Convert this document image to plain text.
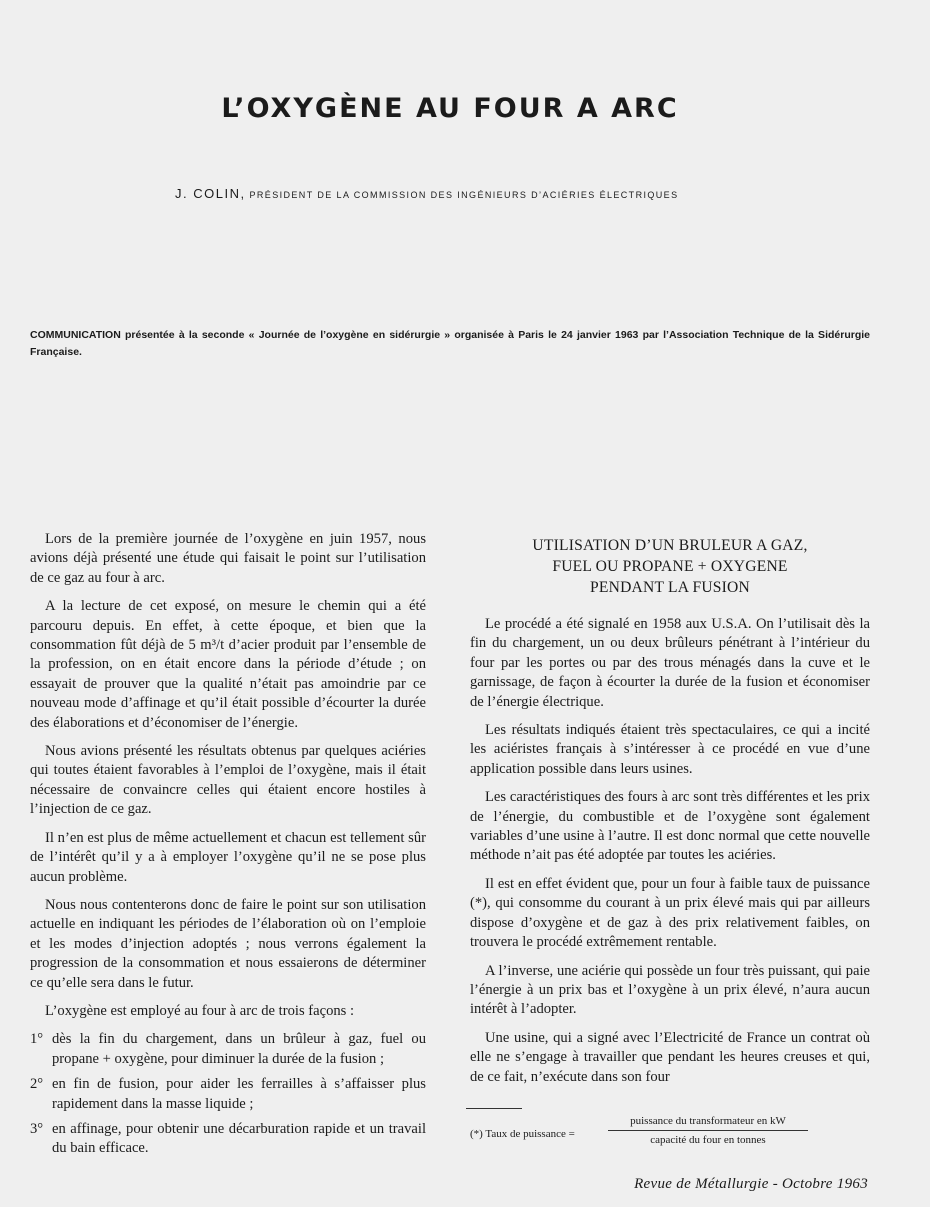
L’OXYGÈNE AU FOUR A ARC
J. COLIN, PRÉSIDENT DE LA COMMISSION DES INGÉNIEURS D’ACIÉRIES ÉLECTRIQUES
COMMUNICATION présentée à la seconde « Journée de l’oxygène en sidérurgie » organisée à Paris le 24 janvier 1963 par l’Association Technique de la Sidérurgie Française.

Lors de la première journée de l’oxygène en juin 1957, nous avions déjà présenté une étude qui faisait le point sur l’utilisation de ce gaz au four à arc.

A la lecture de cet exposé, on mesure le chemin qui a été parcouru depuis. En effet, à cette époque, et bien que la consommation fût déjà de 5 m³/t d’acier produit par l’ensemble de la profession, on en était encore dans la période d’étude ; on essayait de prouver que la qualité n’était pas amoindrie par ce nouveau mode d’affinage et qu’il était possible d’écourter la durée des élaborations et d’économiser de l’énergie.

Nous avions présenté les résultats obtenus par quelques aciéries qui toutes étaient favorables à l’emploi de l’oxygène, mais il était nécessaire de convaincre celles qui étaient encore hostiles à l’injection de ce gaz.

Il n’en est plus de même actuellement et chacun est tellement sûr de l’intérêt qu’il y a à employer l’oxygène qu’il ne se pose plus aucun problème.

Nous nous contenterons donc de faire le point sur son utilisation actuelle en indiquant les périodes de l’élaboration où on l’emploie et les modes d’injection adoptés ; nous verrons également la progression de la consommation et nous essaierons de déterminer ce qu’elle sera dans le futur.

L’oxygène est employé au four à arc de trois façons :

1° dès la fin du chargement, dans un brûleur à gaz, fuel ou propane + oxygène, pour diminuer la durée de la fusion ;
2° en fin de fusion, pour aider les ferrailles à s’affaisser plus rapidement dans la masse liquide ;
3° en affinage, pour obtenir une décarburation rapide et un travail du bain efficace.
UTILISATION D’UN BRULEUR A GAZ,
FUEL OU PROPANE + OXYGENE
PENDANT LA FUSION

Le procédé a été signalé en 1958 aux U.S.A. On l’utilisait dès la fin du chargement, un ou deux brûleurs pénétrant à l’intérieur du four par les portes ou par des trous ménagés dans la cuve et le garnissage, de façon à écourter la durée de la fusion et économiser de l’énergie électrique.

Les résultats indiqués étaient très spectaculaires, ce qui a incité les aciéristes français à s’intéresser à ce procédé en vue d’une application possible dans leurs usines.

Les caractéristiques des fours à arc sont très différentes et les prix de l’énergie, du combustible et de l’oxygène sont également variables d’une usine à l’autre. Il est donc normal que cette nouvelle méthode n’ait pas été adoptée par toutes les aciéries.

Il est en effet évident que, pour un four à faible taux de puissance (*), qui consomme du courant à un prix élevé mais qui par ailleurs dispose d’oxygène et de gaz à des prix relativement faibles, on trouvera le procédé extrêmement rentable.

A l’inverse, une aciérie qui possède un four très puissant, qui paie l’énergie à un prix bas et l’oxygène à un prix élevé, n’aura aucun intérêt à l’adopter.

Une usine, qui a signé avec l’Electricité de France un contrat où elle ne s’engage à travailler que pendant les heures creuses et qui, de ce fait, n’exécute dans son four

(*) Taux de puissance =
puissance du transformateur en kW
capacité du four en tonnes
Revue de Métallurgie - Octobre 1963
